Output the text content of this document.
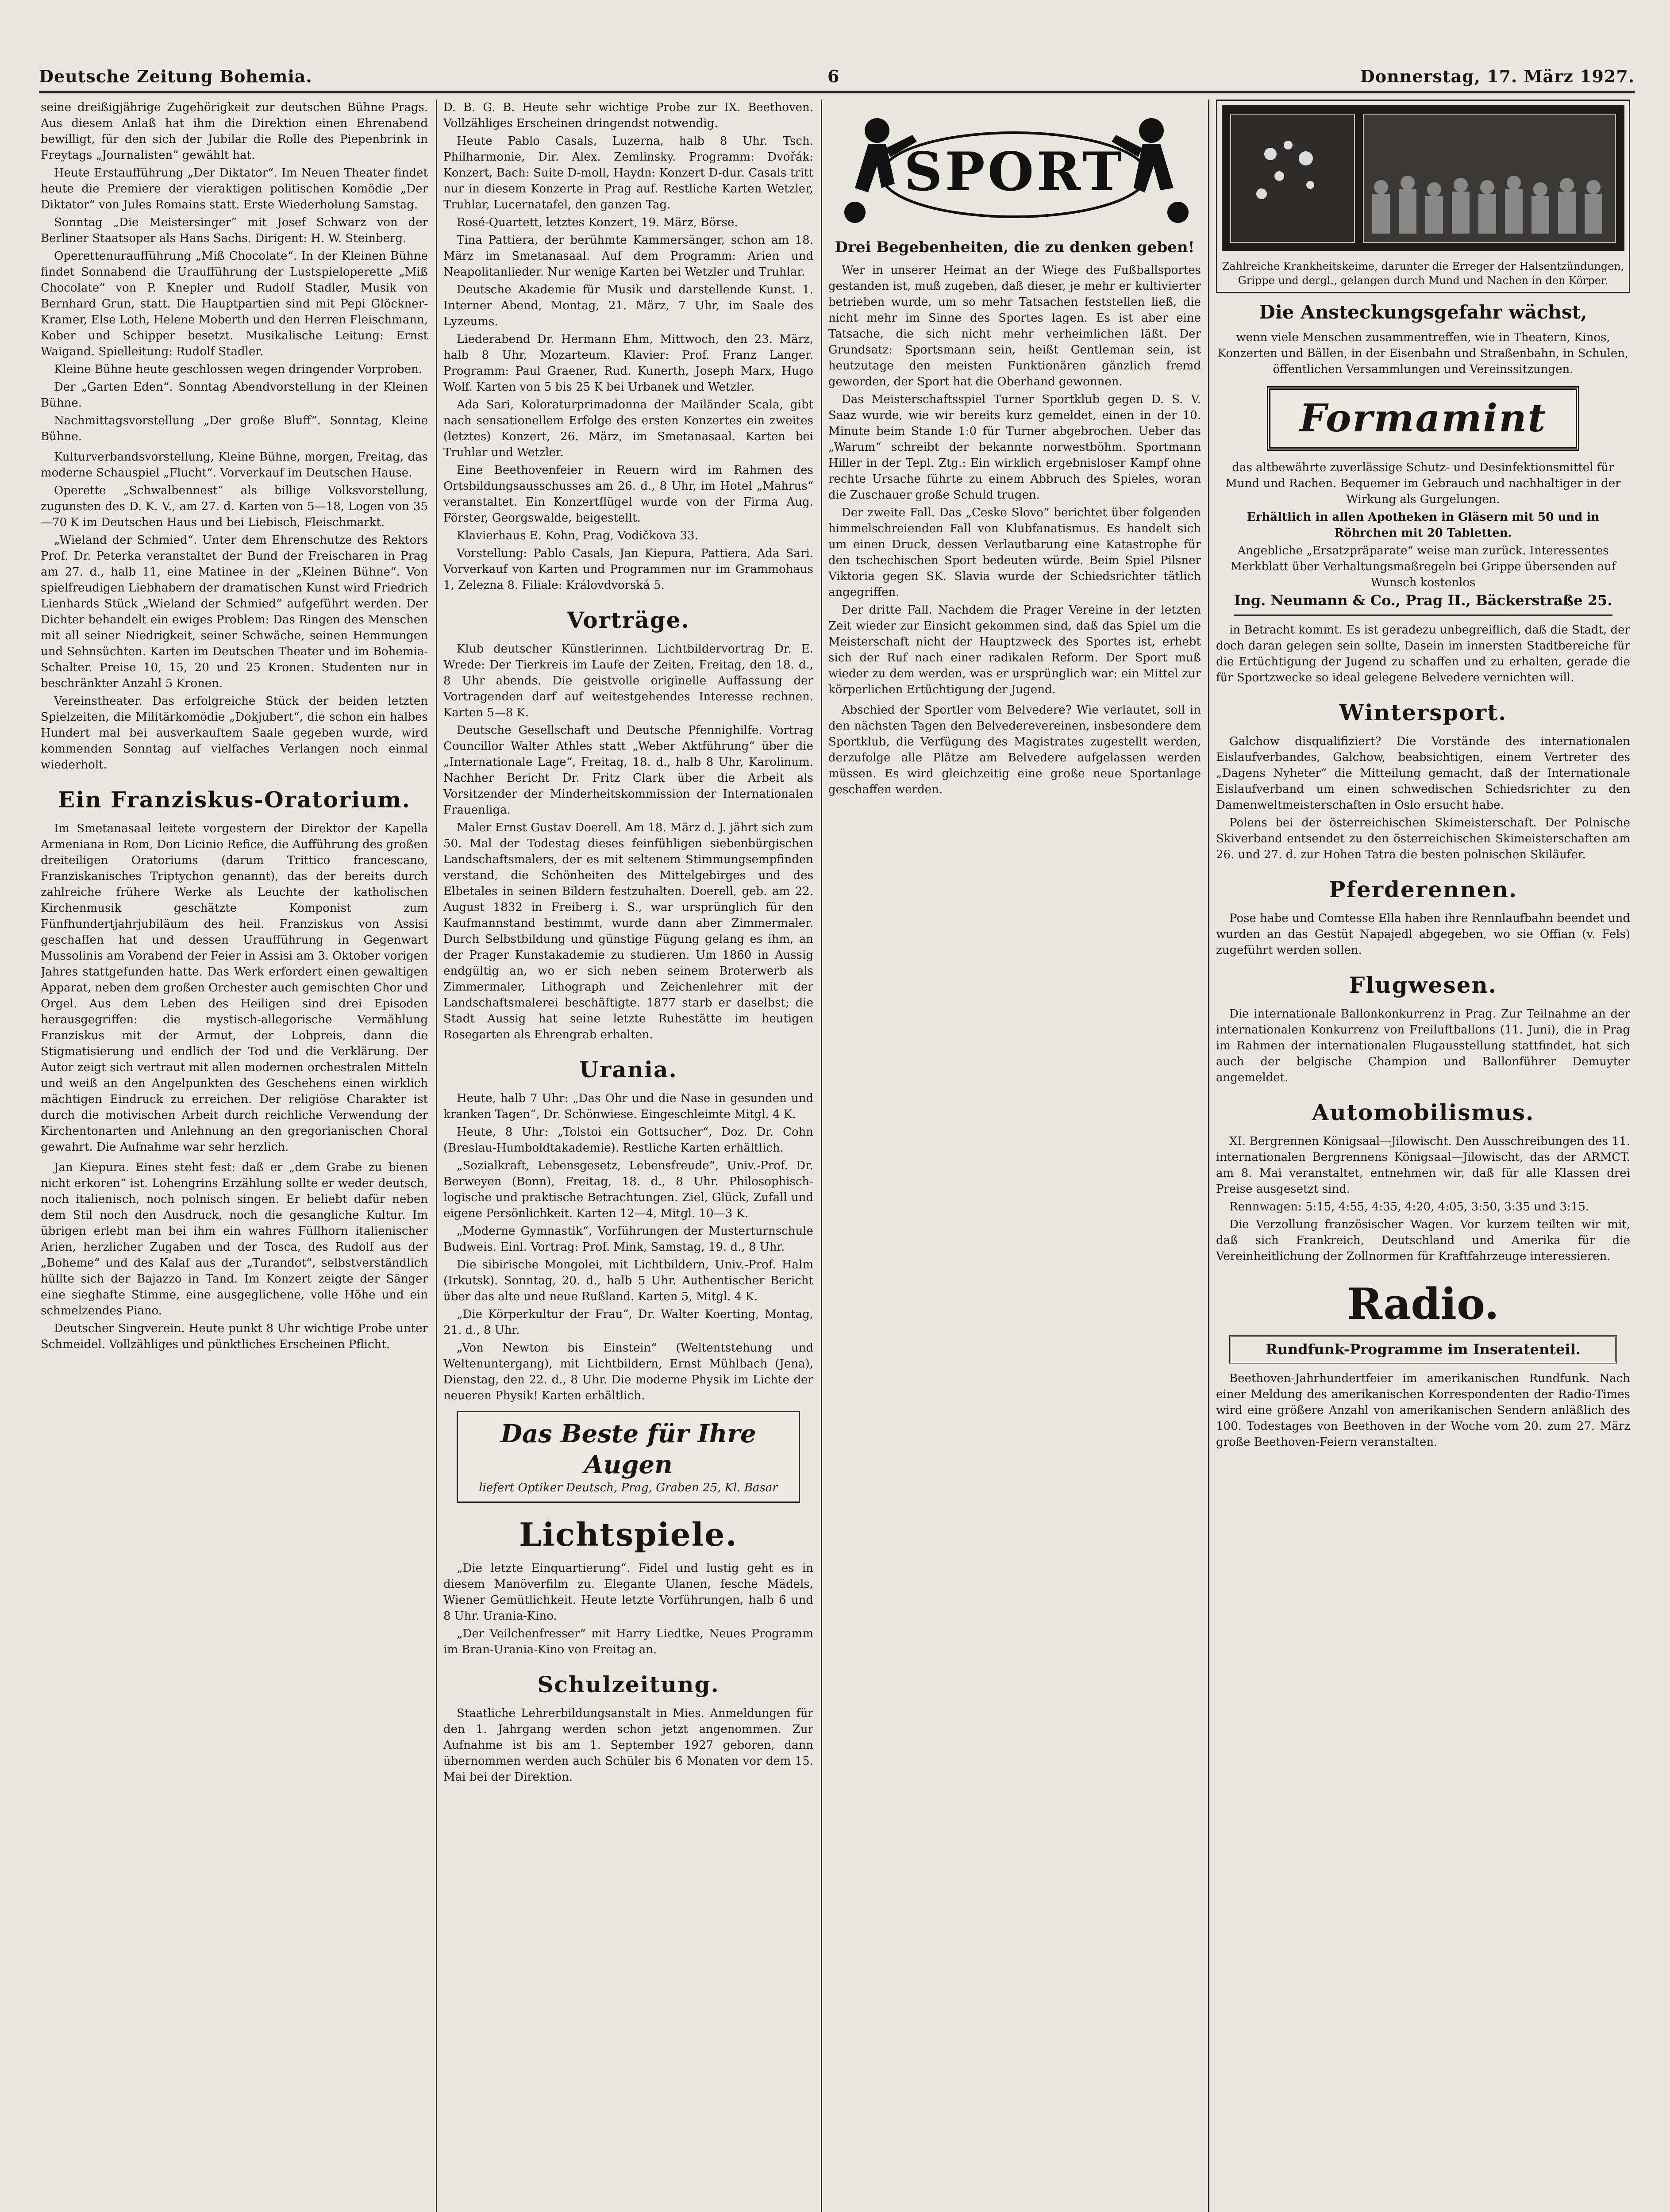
Deutsche Zeitung Bohemia.	6	Donnerstag, 17. März 1927.

seine dreißigjährige Zugehörigkeit zur deutschen Bühne Prags. Aus diesem Anlaß hat ihm die Direktion einen Ehrenabend bewilligt, für den sich der Jubilar die Rolle des Piepenbrink in Freytags „Journalisten“ gewählt hat.

Heute Erstaufführung „Der Diktator“. Im Neuen Theater findet heute die Premiere der vieraktigen politischen Komödie „Der Diktator“ von Jules Romains statt. Erste Wiederholung Samstag.

Sonntag „Die Meistersinger“ mit Josef Schwarz von der Berliner Staatsoper als Hans Sachs. Dirigent: H. W. Steinberg.

Operettenuraufführung „Miß Chocolate“. In der Kleinen Bühne findet Sonnabend die Uraufführung der Lustspieloperette „Miß Chocolate“ von P. Knepler und Rudolf Stadler, Musik von Bernhard Grun, statt. Die Hauptpartien sind mit Pepi Glöckner-Kramer, Else Loth, Helene Moberth und den Herren Fleischmann, Kober und Schipper besetzt. Musikalische Leitung: Ernst Waigand. Spielleitung: Rudolf Stadler.

Kleine Bühne heute geschlossen wegen dringender Vorproben.

Der „Garten Eden“. Sonntag Abendvorstellung in der Kleinen Bühne.

Nachmittagsvorstellung „Der große Bluff“. Sonntag, Kleine Bühne.

Kulturverbandsvorstellung, Kleine Bühne, morgen, Freitag, das moderne Schauspiel „Flucht“. Vorverkauf im Deutschen Hause.

Operette „Schwalbennest“ als billige Volksvorstellung, zugunsten des D. K. V., am 27. d. Karten von 5—18, Logen von 35—70 K im Deutschen Haus und bei Liebisch, Fleischmarkt.

„Wieland der Schmied“. Unter dem Ehrenschutze des Rektors Prof. Dr. Peterka veranstaltet der Bund der Freischaren in Prag am 27. d., halb 11, eine Matinee in der „Kleinen Bühne“. Von spielfreudigen Liebhabern der dramatischen Kunst wird Friedrich Lienhards Stück „Wieland der Schmied“ aufgeführt werden. Der Dichter behandelt ein ewiges Problem: Das Ringen des Menschen mit all seiner Niedrigkeit, seiner Schwäche, seinen Hemmungen und Sehnsüchten. Karten im Deutschen Theater und im Bohemia-Schalter. Preise 10, 15, 20 und 25 Kronen. Studenten nur in beschränkter Anzahl 5 Kronen.

Vereinstheater. Das erfolgreiche Stück der beiden letzten Spielzeiten, die Militärkomödie „Dokjubert“, die schon ein halbes Hundert mal bei ausverkauftem Saale gegeben wurde, wird kommenden Sonntag auf vielfaches Verlangen noch einmal wiederholt.

Ein Franziskus-Oratorium.

Im Smetanasaal leitete vorgestern der Direktor der Kapella Armeniana in Rom, Don Licinio Refice, die Aufführung des großen dreiteiligen Oratoriums (darum Trittico francescano, Franziskanisches Triptychon genannt), das der bereits durch zahlreiche frühere Werke als Leuchte der katholischen Kirchenmusik geschätzte Komponist zum Fünfhundertjahrjubiläum des heil. Franziskus von Assisi geschaffen hat und dessen Uraufführung in Gegenwart Mussolinis am Vorabend der Feier in Assisi am 3. Oktober vorigen Jahres stattgefunden hatte. Das Werk erfordert einen gewaltigen Apparat, neben dem großen Orchester auch gemischten Chor und Orgel. Aus dem Leben des Heiligen sind drei Episoden herausgegriffen: die mystisch-allegorische Vermählung Franziskus mit der Armut, der Lobpreis, dann die Stigmatisierung und endlich der Tod und die Verklärung. Der Autor zeigt sich vertraut mit allen modernen orchestralen Mitteln und weiß an den Angelpunkten des Geschehens einen wirklich mächtigen Eindruck zu erreichen. Der religiöse Charakter ist durch die motivischen Arbeit durch reichliche Verwendung der Kirchentonarten und Anlehnung an den gregorianischen Choral gewahrt. Die Aufnahme war sehr herzlich.

Jan Kiepura. Eines steht fest: daß er „dem Grabe zu bienen nicht erkoren“ ist. Lohengrins Erzählung sollte er weder deutsch, noch italienisch, noch polnisch singen. Er beliebt dafür neben dem Stil noch den Ausdruck, noch die gesangliche Kultur. Im übrigen erlebt man bei ihm ein wahres Füllhorn italienischer Arien, herzlicher Zugaben und der Tosca, des Rudolf aus der „Boheme“ und des Kalaf aus der „Turandot“, selbstverständlich hüllte sich der Bajazzo in Tand. Im Konzert zeigte der Sänger eine sieghafte Stimme, eine ausgeglichene, volle Höhe und ein schmelzendes Piano.

Deutscher Singverein. Heute punkt 8 Uhr wichtige Probe unter Schmeidel. Vollzähliges und pünktliches Erscheinen Pflicht.

D. B. G. B. Heute sehr wichtige Probe zur IX. Beethoven. Vollzähliges Erscheinen dringendst notwendig.

Heute Pablo Casals, Luzerna, halb 8 Uhr. Tsch. Philharmonie, Dir. Alex. Zemlinsky. Programm: Dvořák: Konzert, Bach: Suite D-moll, Haydn: Konzert D-dur. Casals tritt nur in diesem Konzerte in Prag auf. Restliche Karten Wetzler, Truhlar, Lucernatafel, den ganzen Tag.

Rosé-Quartett, letztes Konzert, 19. März, Börse.

Tina Pattiera, der berühmte Kammersänger, schon am 18. März im Smetanasaal. Auf dem Programm: Arien und Neapolitanlieder. Nur wenige Karten bei Wetzler und Truhlar.

Deutsche Akademie für Musik und darstellende Kunst. 1. Interner Abend, Montag, 21. März, 7 Uhr, im Saale des Lyzeums.

Liederabend Dr. Hermann Ehm, Mittwoch, den 23. März, halb 8 Uhr, Mozarteum. Klavier: Prof. Franz Langer. Programm: Paul Graener, Rud. Kunerth, Joseph Marx, Hugo Wolf. Karten von 5 bis 25 K bei Urbanek und Wetzler.

Ada Sari, Koloraturprimadonna der Mailänder Scala, gibt nach sensationellem Erfolge des ersten Konzertes ein zweites (letztes) Konzert, 26. März, im Smetanasaal. Karten bei Truhlar und Wetzler.

Eine Beethovenfeier in Reuern wird im Rahmen des Ortsbildungsausschusses am 26. d., 8 Uhr, im Hotel „Mahrus“ veranstaltet. Ein Konzertflügel wurde von der Firma Aug. Förster, Georgswalde, beigestellt.

Klavierhaus E. Kohn, Prag, Vodičkova 33.

Vorstellung: Pablo Casals, Jan Kiepura, Pattiera, Ada Sari. Vorverkauf von Karten und Programmen nur im Grammohaus 1, Zelezna 8. Filiale: Královdvorská 5.

Vorträge.

Klub deutscher Künstlerinnen. Lichtbildervortrag Dr. E. Wrede: Der Tierkreis im Laufe der Zeiten, Freitag, den 18. d., 8 Uhr abends. Die geistvolle originelle Auffassung der Vortragenden darf auf weitestgehendes Interesse rechnen. Karten 5—8 K.

Deutsche Gesellschaft und Deutsche Pfennighilfe. Vortrag Councillor Walter Athles statt „Weber Aktführung“ über die „Internationale Lage“, Freitag, 18. d., halb 8 Uhr, Karolinum. Nachher Bericht Dr. Fritz Clark über die Arbeit als Vorsitzender der Minderheitskommission der Internationalen Frauenliga.

Maler Ernst Gustav Doerell. Am 18. März d. J. jährt sich zum 50. Mal der Todestag dieses feinfühligen siebenbürgischen Landschaftsmalers, der es mit seltenem Stimmungsempfinden verstand, die Schönheiten des Mittelgebirges und des Elbetales in seinen Bildern festzuhalten. Doerell, geb. am 22. August 1832 in Freiberg i. S., war ursprünglich für den Kaufmannstand bestimmt, wurde dann aber Zimmermaler. Durch Selbstbildung und günstige Fügung gelang es ihm, an der Prager Kunstakademie zu studieren. Um 1860 in Aussig endgültig an, wo er sich neben seinem Broterwerb als Zimmermaler, Lithograph und Zeichenlehrer mit der Landschaftsmalerei beschäftigte. 1877 starb er daselbst; die Stadt Aussig hat seine letzte Ruhestätte im heutigen Rosegarten als Ehrengrab erhalten.

Urania.

Heute, halb 7 Uhr: „Das Ohr und die Nase in gesunden und kranken Tagen“, Dr. Schönwiese. Eingeschleimte Mitgl. 4 K.

Heute, 8 Uhr: „Tolstoi ein Gottsucher“, Doz. Dr. Cohn (Breslau-Humboldtakademie). Restliche Karten erhältlich.

„Sozialkraft, Lebensgesetz, Lebensfreude“, Univ.-Prof. Dr. Berweyen (Bonn), Freitag, 18. d., 8 Uhr. Philosophisch-logische und praktische Betrachtungen. Ziel, Glück, Zufall und eigene Persönlichkeit. Karten 12—4, Mitgl. 10—3 K.

„Moderne Gymnastik“, Vorführungen der Musterturnschule Budweis. Einl. Vortrag: Prof. Mink, Samstag, 19. d., 8 Uhr.

Die sibirische Mongolei, mit Lichtbildern, Univ.-Prof. Halm (Irkutsk). Sonntag, 20. d., halb 5 Uhr. Authentischer Bericht über das alte und neue Rußland. Karten 5, Mitgl. 4 K.

„Die Körperkultur der Frau“, Dr. Walter Koerting, Montag, 21. d., 8 Uhr.

„Von Newton bis Einstein“ (Weltentstehung und Weltenuntergang), mit Lichtbildern, Ernst Mühlbach (Jena), Dienstag, den 22. d., 8 Uhr. Die moderne Physik im Lichte der neueren Physik! Karten erhältlich.

Das Beste für Ihre Augen
liefert Optiker Deutsch, Prag, Graben 25, Kl. Basar
Lichtspiele.

„Die letzte Einquartierung“. Fidel und lustig geht es in diesem Manöverfilm zu. Elegante Ulanen, fesche Mädels, Wiener Gemütlichkeit. Heute letzte Vorführungen, halb 6 und 8 Uhr. Urania-Kino.

„Der Veilchenfresser“ mit Harry Liedtke, Neues Programm im Bran-Urania-Kino von Freitag an.

Schulzeitung.

Staatliche Lehrerbildungsanstalt in Mies. Anmeldungen für den 1. Jahrgang werden schon jetzt angenommen. Zur Aufnahme ist bis am 1. September 1927 geboren, dann übernommen werden auch Schüler bis 6 Monaten vor dem 15. Mai bei der Direktion.

SPORT
Drei Begebenheiten, die zu denken geben!

Wer in unserer Heimat an der Wiege des Fußballsportes gestanden ist, muß zugeben, daß dieser, je mehr er kultivierter betrieben wurde, um so mehr Tatsachen feststellen ließ, die nicht mehr im Sinne des Sportes lagen. Es ist aber eine Tatsache, die sich nicht mehr verheimlichen läßt. Der Grundsatz: Sportsmann sein, heißt Gentleman sein, ist heutzutage den meisten Funktionären gänzlich fremd geworden, der Sport hat die Oberhand gewonnen.

Das Meisterschaftsspiel Turner Sportklub gegen D. S. V. Saaz wurde, wie wir bereits kurz gemeldet, einen in der 10. Minute beim Stande 1:0 für Turner abgebrochen. Ueber das „Warum“ schreibt der bekannte norwestböhm. Sportmann Hiller in der Tepl. Ztg.: Ein wirklich ergebnisloser Kampf ohne rechte Ursache führte zu einem Abbruch des Spieles, woran die Zuschauer große Schuld trugen.

Der zweite Fall. Das „Ceske Slovo“ berichtet über folgenden himmelschreienden Fall von Klubfanatismus. Es handelt sich um einen Druck, dessen Verlautbarung eine Katastrophe für den tschechischen Sport bedeuten würde. Beim Spiel Pilsner Viktoria gegen SK. Slavia wurde der Schiedsrichter tätlich angegriffen.

Der dritte Fall. Nachdem die Prager Vereine in der letzten Zeit wieder zur Einsicht gekommen sind, daß das Spiel um die Meisterschaft nicht der Hauptzweck des Sportes ist, erhebt sich der Ruf nach einer radikalen Reform. Der Sport muß wieder zu dem werden, was er ursprünglich war: ein Mittel zur körperlichen Ertüchtigung der Jugend.

Abschied der Sportler vom Belvedere? Wie verlautet, soll in den nächsten Tagen den Belvederevereinen, insbesondere dem Sportklub, die Verfügung des Magistrates zugestellt werden, derzufolge alle Plätze am Belvedere aufgelassen werden müssen. Es wird gleichzeitig eine große neue Sportanlage geschaffen werden.

Zahlreiche Krankheitskeime, darunter die Erreger der Halsentzündungen, Grippe und dergl., gelangen durch Mund und Nachen in den Körper.
Die Ansteckungsgefahr wächst,

wenn viele Menschen zusammentreffen, wie in Theatern, Kinos, Konzerten und Bällen, in der Eisenbahn und Straßenbahn, in Schulen, öffentlichen Versammlungen und Vereinssitzungen.

Formamint

das altbewährte zuverlässige Schutz- und Desinfektionsmittel für Mund und Rachen. Bequemer im Gebrauch und nachhaltiger in der Wirkung als Gurgelungen.

Erhältlich in allen Apotheken in Gläsern mit 50 und in Röhrchen mit 20 Tabletten.

Angebliche „Ersatzpräparate“ weise man zurück. Interessentes Merkblatt über Verhaltungsmaßregeln bei Grippe übersenden auf Wunsch kostenlos

Ing. Neumann & Co., Prag II., Bäckerstraße 25.

in Betracht kommt. Es ist geradezu unbegreiflich, daß die Stadt, der doch daran gelegen sein sollte, Dasein im innersten Stadtbereiche für die Ertüchtigung der Jugend zu schaffen und zu erhalten, gerade die für Sportzwecke so ideal gelegene Belvedere vernichten will.

Wintersport.

Galchow disqualifiziert? Die Vorstände des internationalen Eislaufverbandes, Galchow, beabsichtigen, einem Vertreter des „Dagens Nyheter“ die Mitteilung gemacht, daß der Internationale Eislaufverband um einen schwedischen Schiedsrichter zu den Damenweltmeisterschaften in Oslo ersucht habe.

Polens bei der österreichischen Skimeisterschaft. Der Polnische Skiverband entsendet zu den österreichischen Skimeisterschaften am 26. und 27. d. zur Hohen Tatra die besten polnischen Skiläufer.

Pferderennen.

Pose habe und Comtesse Ella haben ihre Rennlaufbahn beendet und wurden an das Gestüt Napajedl abgegeben, wo sie Offian (v. Fels) zugeführt werden sollen.

Flugwesen.

Die internationale Ballonkonkurrenz in Prag. Zur Teilnahme an der internationalen Konkurrenz von Freiluftballons (11. Juni), die in Prag im Rahmen der internationalen Flugausstellung stattfindet, hat sich auch der belgische Champion und Ballonführer Demuyter angemeldet.

Automobilismus.

XI. Bergrennen Königsaal—Jilowischt. Den Ausschreibungen des 11. internationalen Bergrennens Königsaal—Jilowischt, das der ARMCT. am 8. Mai veranstaltet, entnehmen wir, daß für alle Klassen drei Preise ausgesetzt sind.

Rennwagen: 5:15, 4:55, 4:35, 4:20, 4:05, 3:50, 3:35 und 3:15.

Die Verzollung französischer Wagen. Vor kurzem teilten wir mit, daß sich Frankreich, Deutschland und Amerika für die Vereinheitlichung der Zollnormen für Kraftfahrzeuge interessieren.

Radio.
Rundfunk-Programme im Inseratenteil.

Beethoven-Jahrhundertfeier im amerikanischen Rundfunk. Nach einer Meldung des amerikanischen Korrespondenten der Radio-Times wird eine größere Anzahl von amerikanischen Sendern anläßlich des 100. Todestages von Beethoven in der Woche vom 20. zum 27. März große Beethoven-Feiern veranstalten.
